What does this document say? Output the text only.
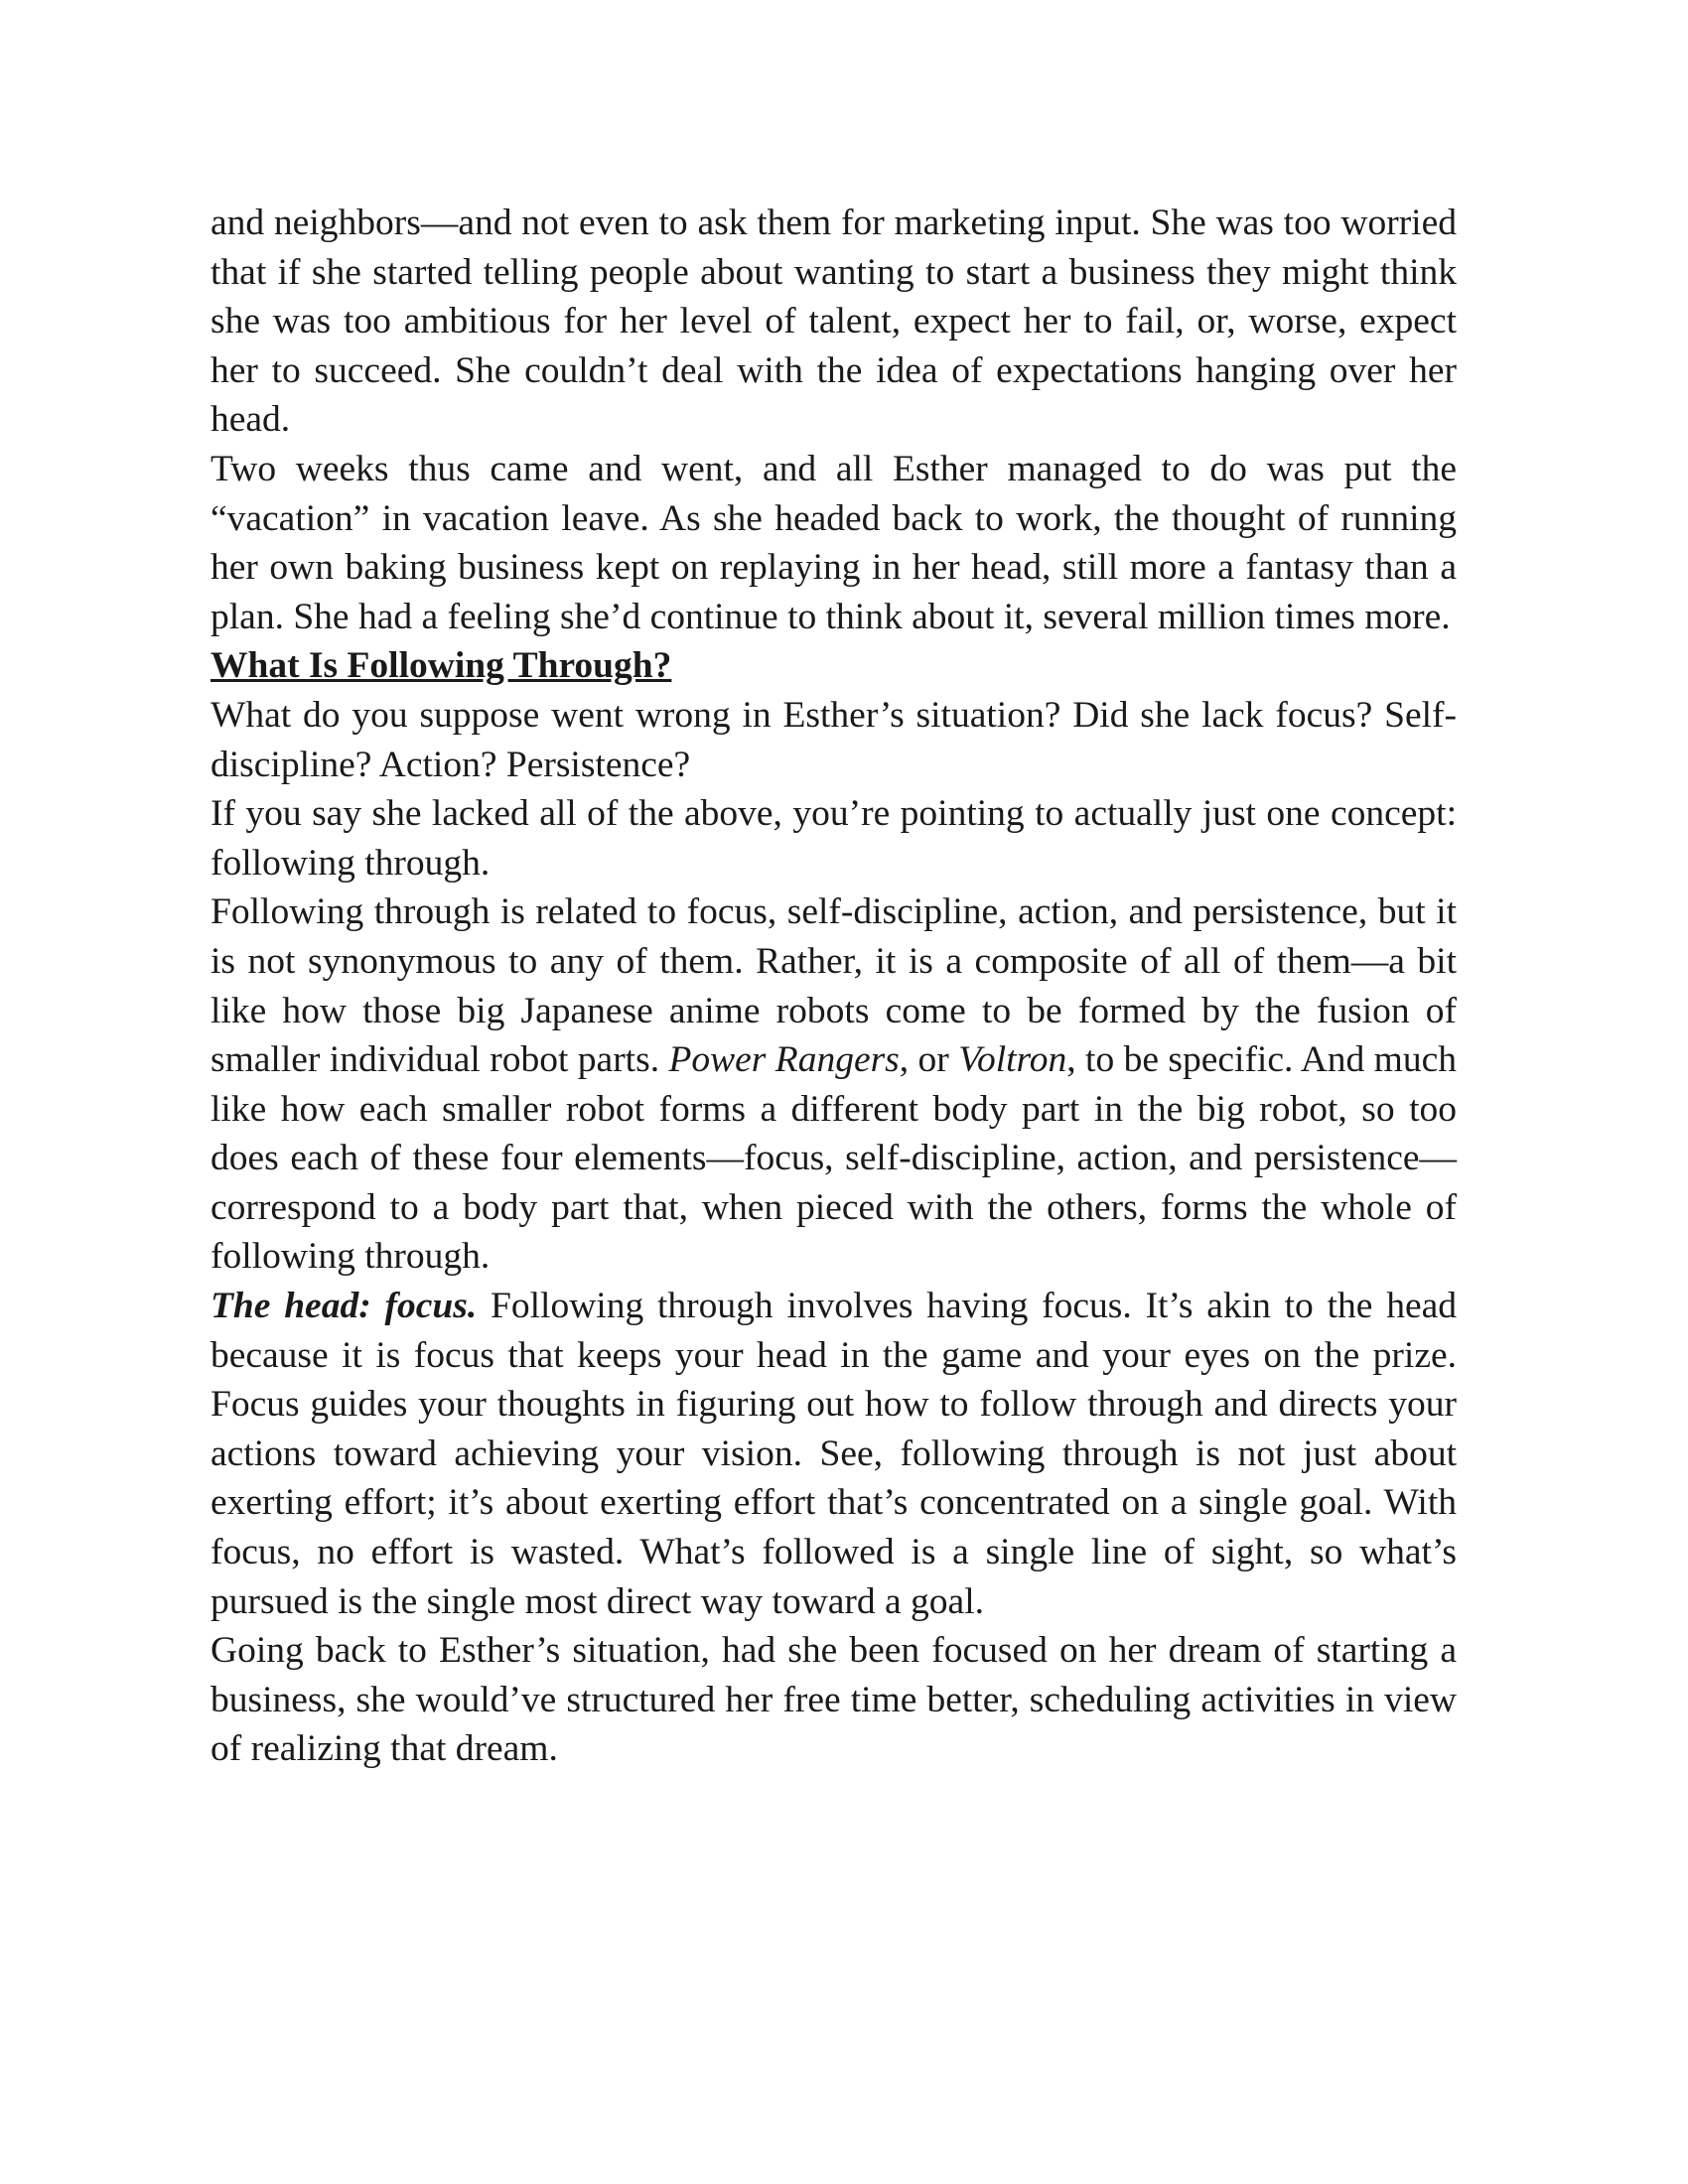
and neighbors—and not even to ask them for marketing input. She was too worried that if she started telling people about wanting to start a business they might think she was too ambitious for her level of talent, expect her to fail, or, worse, expect her to succeed. She couldn’t deal with the idea of expectations hanging over her head.

Two weeks thus came and went, and all Esther managed to do was put the “vacation” in vacation leave. As she headed back to work, the thought of running her own baking business kept on replaying in her head, still more a fantasy than a plan. She had a feeling she’d continue to think about it, several million times more.

What Is Following Through?

What do you suppose went wrong in Esther’s situation? Did she lack focus? Self-discipline? Action? Persistence?

If you say she lacked all of the above, you’re pointing to actually just one concept: following through.

Following through is related to focus, self-discipline, action, and persistence, but it is not synonymous to any of them. Rather, it is a composite of all of them—a bit like how those big Japanese anime robots come to be formed by the fusion of smaller individual robot parts. Power Rangers, or Voltron, to be specific. And much like how each smaller robot forms a different body part in the big robot, so too does each of these four elements—focus, self-discipline, action, and persistence—correspond to a body part that, when pieced with the others, forms the whole of following through.

The head: focus. Following through involves having focus. It’s akin to the head because it is focus that keeps your head in the game and your eyes on the prize. Focus guides your thoughts in figuring out how to follow through and directs your actions toward achieving your vision. See, following through is not just about exerting effort; it’s about exerting effort that’s concentrated on a single goal. With focus, no effort is wasted. What’s followed is a single line of sight, so what’s pursued is the single most direct way toward a goal.

Going back to Esther’s situation, had she been focused on her dream of starting a business, she would’ve structured her free time better, scheduling activities in view of realizing that dream.
